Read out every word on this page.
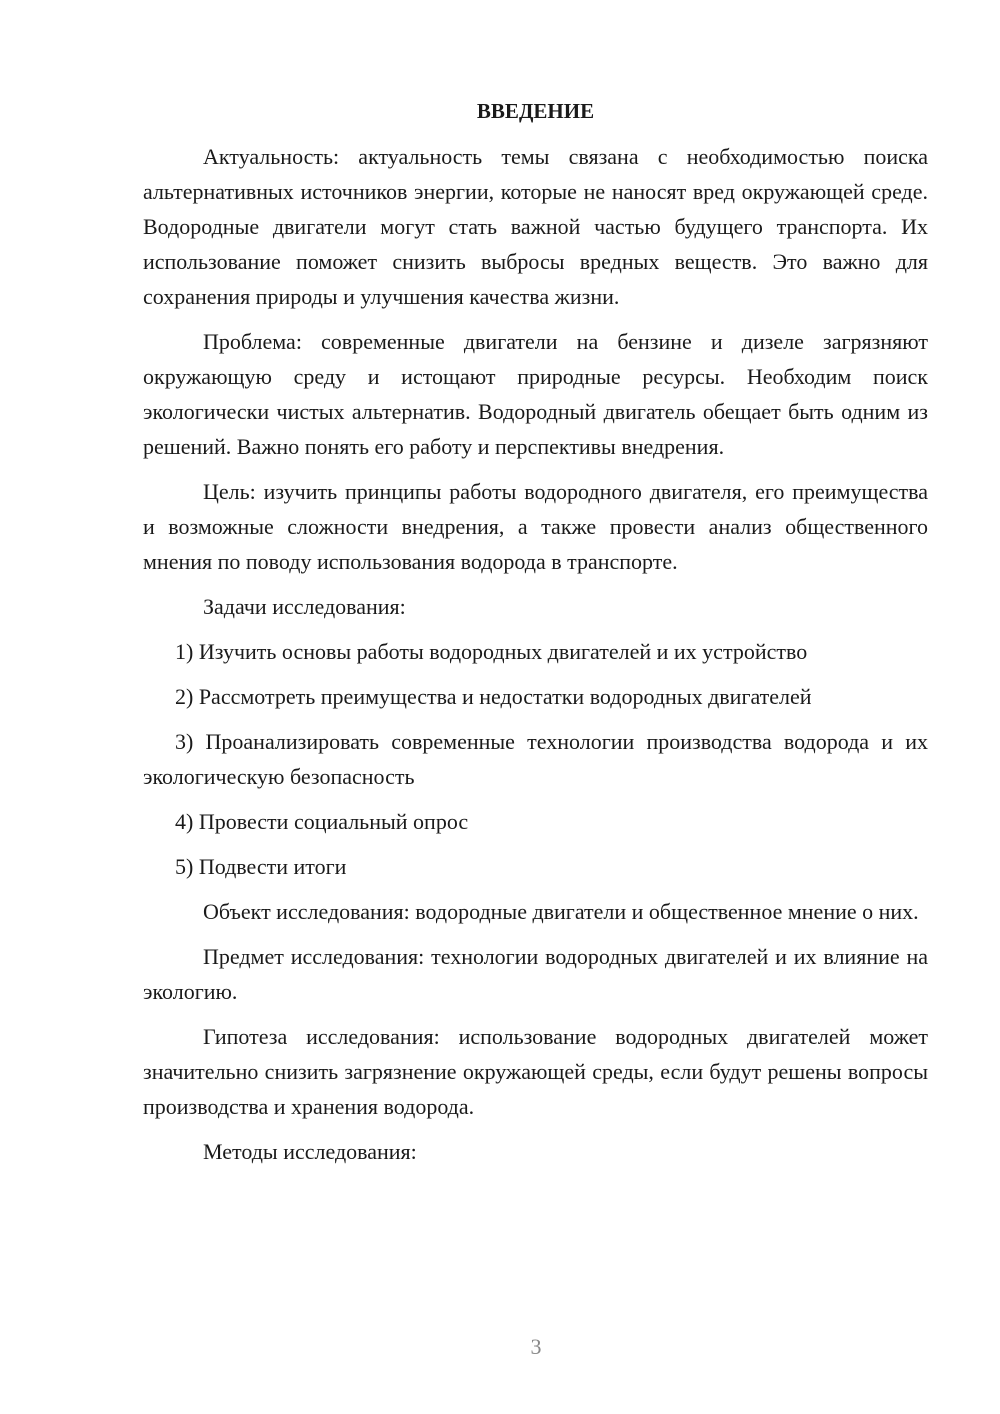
ВВЕДЕНИЕ

Актуальность: актуальность темы связана с необходимостью поиска альтернативных источников энергии, которые не наносят вред окружающей среде. Водородные двигатели могут стать важной частью будущего транспорта. Их использование поможет снизить выбросы вредных веществ. Это важно для сохранения природы и улучшения качества жизни.

Проблема: современные двигатели на бензине и дизеле загрязняют окружающую среду и истощают природные ресурсы. Необходим поиск экологически чистых альтернатив. Водородный двигатель обещает быть одним из решений. Важно понять его работу и перспективы внедрения.

Цель: изучить принципы работы водородного двигателя, его преимущества и возможные сложности внедрения, а также провести анализ общественного мнения по поводу использования водорода в транспорте.

Задачи исследования:

1) Изучить основы работы водородных двигателей и их устройство

2) Рассмотреть преимущества и недостатки водородных двигателей

3) Проанализировать современные технологии производства водорода и их экологическую безопасность

4) Провести социальный опрос

5) Подвести итоги

Объект исследования: водородные двигатели и общественное мнение о них.

Предмет исследования: технологии водородных двигателей и их влияние на экологию.

Гипотеза исследования: использование водородных двигателей может значительно снизить загрязнение окружающей среды, если будут решены вопросы производства и хранения водорода.

Методы исследования:

3
